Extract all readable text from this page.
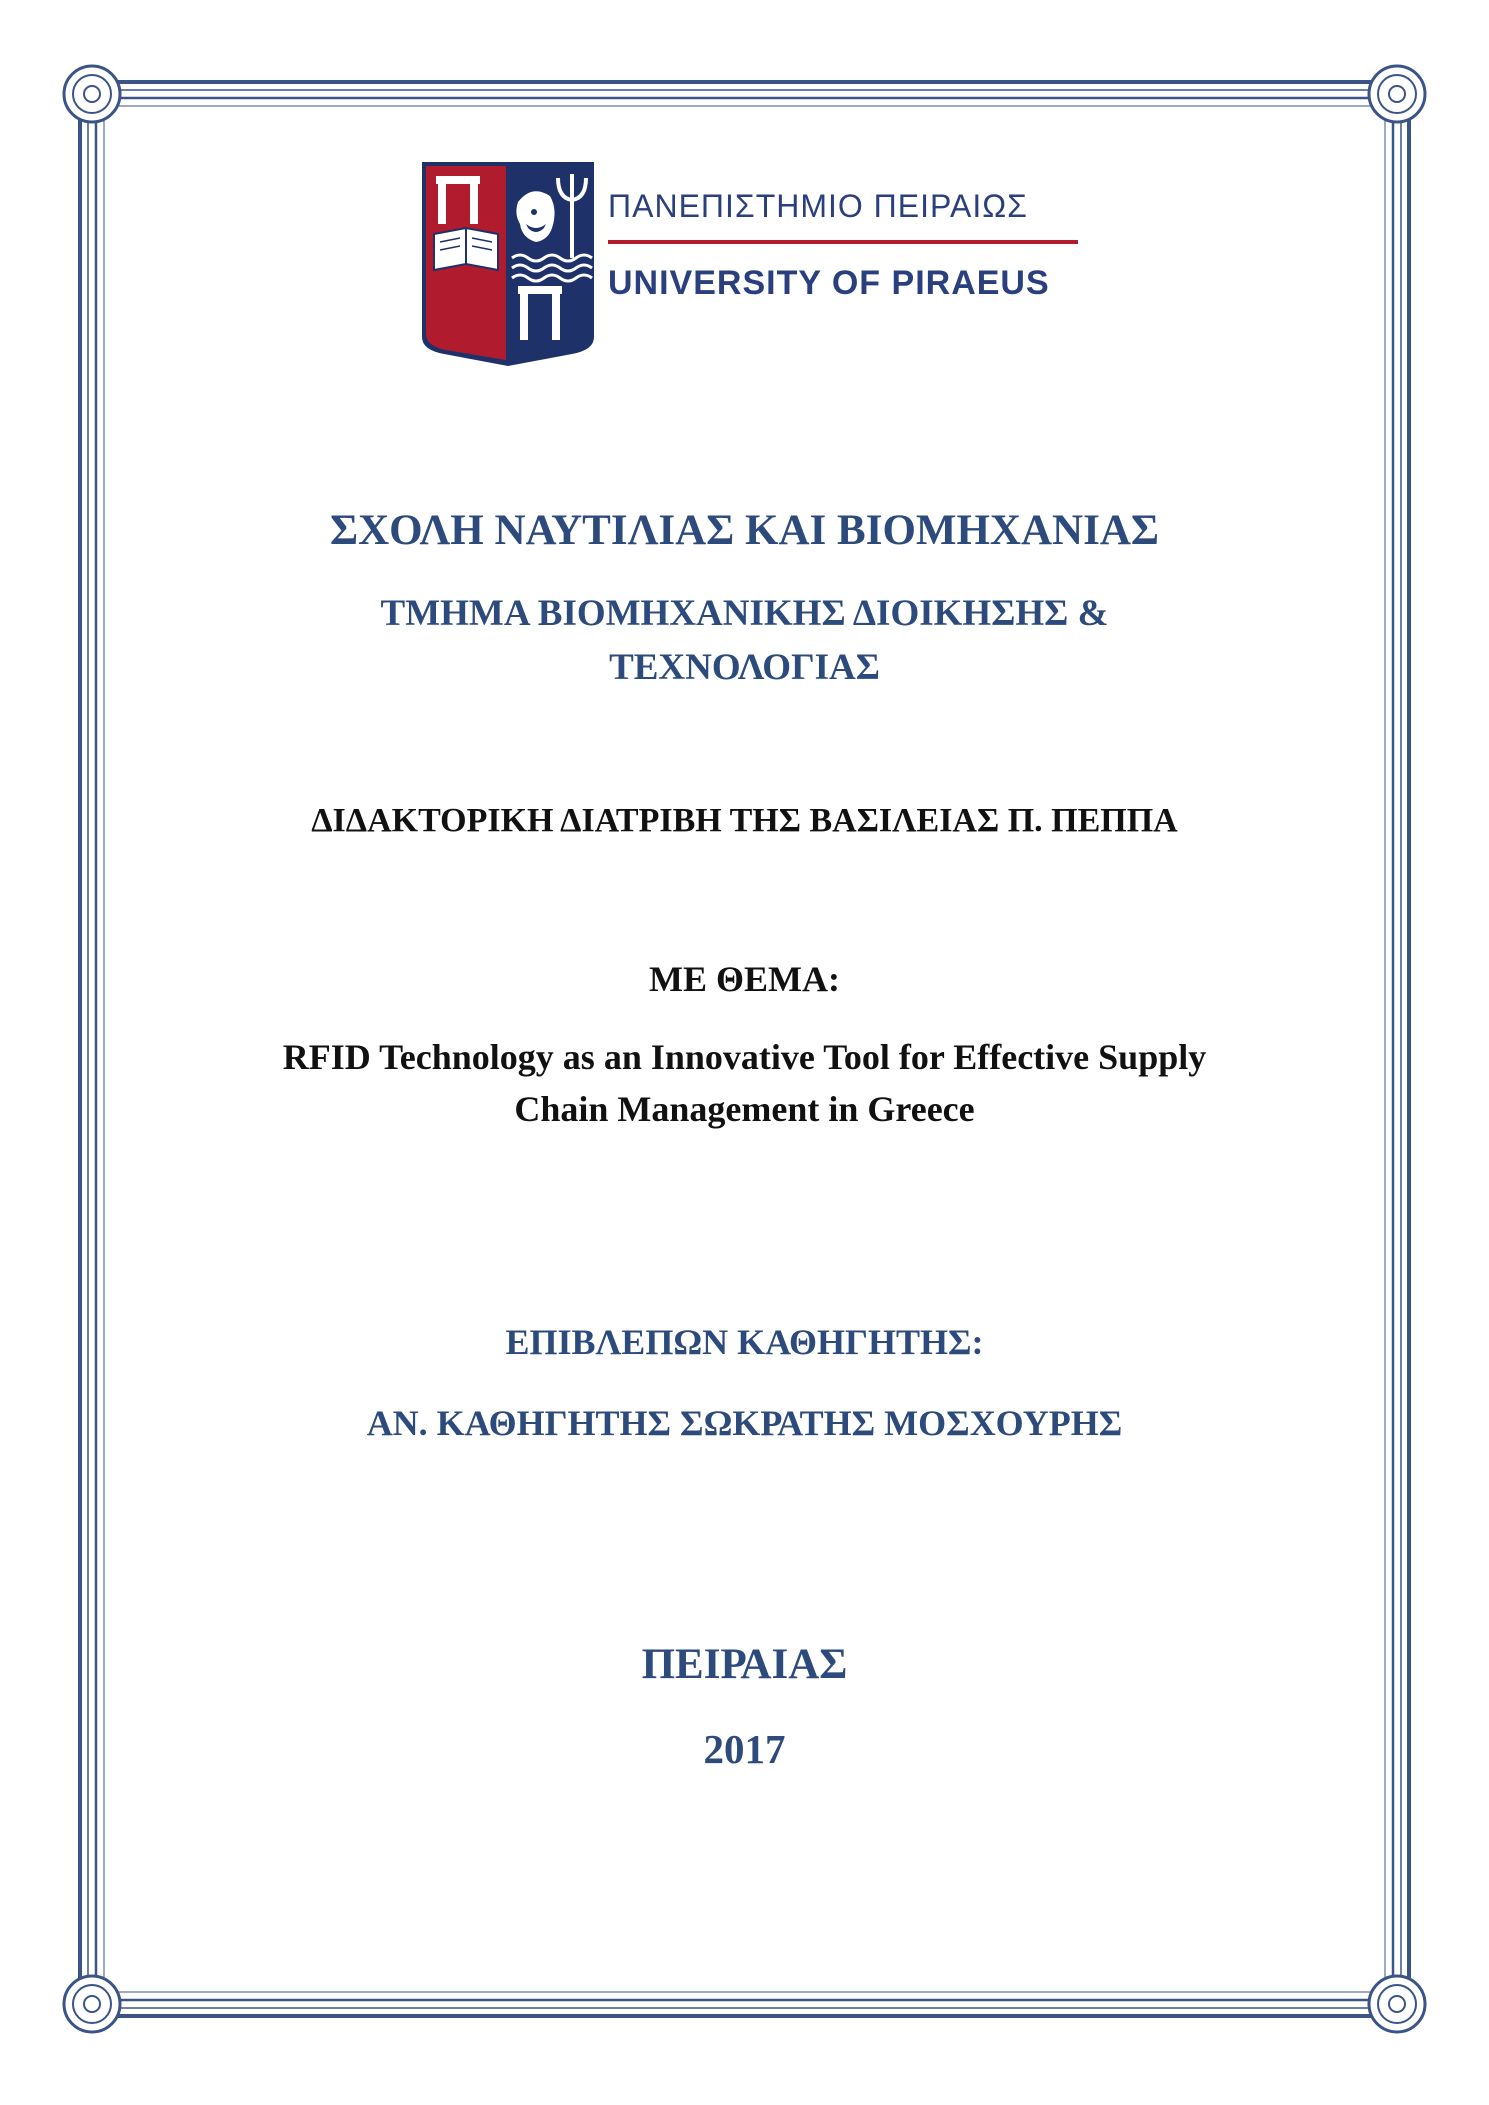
ΠΑΝΕΠΙΣΤΗΜΙΟ ΠΕΙΡΑΙΩΣ
UNIVERSITY OF PIRAEUS
ΣΧΟΛΗ ΝΑΥΤΙΛΙΑΣ ΚΑΙ ΒΙΟΜΗΧΑΝΙΑΣ
ΤΜΗΜΑ ΒΙΟΜΗΧΑΝΙΚΗΣ ΔΙΟΙΚΗΣΗΣ &
ΤΕΧΝΟΛΟΓΙΑΣ
ΔΙΔΑΚΤΟΡΙΚΗ ΔΙΑΤΡΙΒΗ ΤΗΣ ΒΑΣΙΛΕΙΑΣ Π. ΠΕΠΠΑ
ΜΕ ΘΕΜΑ:
RFID Technology as an Innovative Tool for Effective Supply
Chain Management in Greece
ΕΠΙΒΛΕΠΩΝ ΚΑΘΗΓΗΤΗΣ:
ΑΝ. ΚΑΘΗΓΗΤΗΣ ΣΩΚΡΑΤΗΣ ΜΟΣΧΟΥΡΗΣ
ΠΕΙΡΑΙΑΣ
2017
